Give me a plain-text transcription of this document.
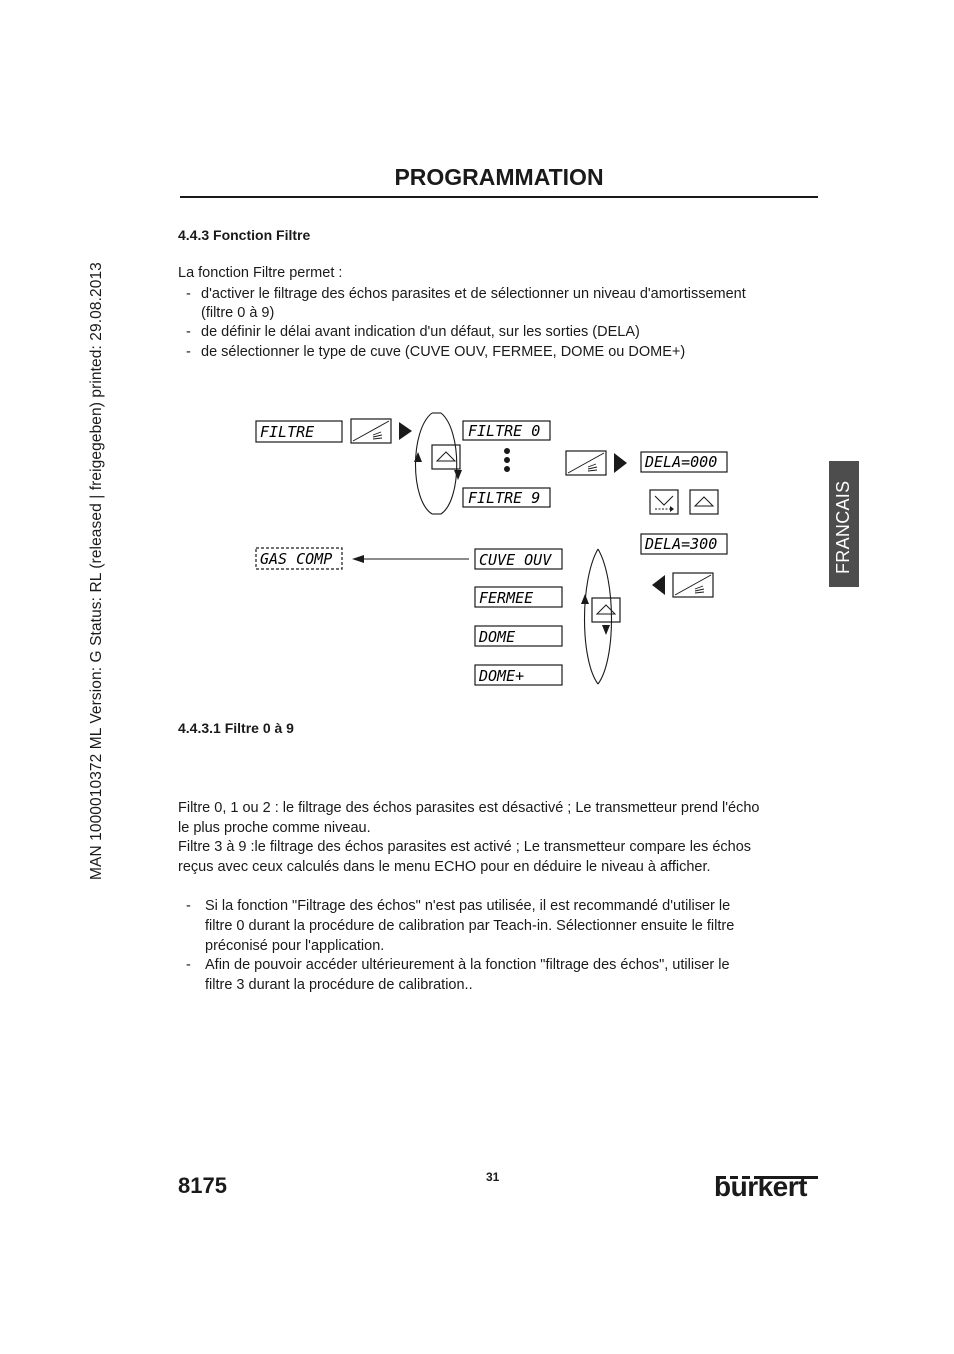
MAN 1000010372 ML Version: G Status: RL (released | freigegeben) printed: 29.08.2013
PROGRAMMATION
4.4.3 Fonction Filtre
La fonction Filtre permet :
- d'activer le filtrage des échos parasites et de sélectionner un niveau d'amortissement
(filtre 0 à 9)
- de définir le délai avant indication d'un défaut, sur les sorties (DELA)
- de sélectionner le type de cuve (CUVE OUV, FERMEE, DOME ou DOME+)
FRANCAIS
FILTRE	FILTRE 0
FILTRE 9
DELA=000
DELA=300
GAS COMP	CUVE OUV
FERMEE
DOME
DOME+
4.4.3.1 Filtre 0 à 9
Filtre 0, 1 ou 2 : le filtrage des échos parasites est désactivé ; Le transmetteur prend l'écho
le plus proche comme niveau.
Filtre 3 à 9 :le filtrage des échos parasites est activé ; Le transmetteur compare les échos
reçus avec ceux calculés dans le menu ECHO pour en déduire le niveau à afficher.
- Si la fonction "Filtrage des échos" n'est pas utilisée, il est recommandé d'utiliser le
filtre 0 durant la procédure de calibration par Teach-in. Sélectionner ensuite le filtre
préconisé pour l'application.
- Afin de pouvoir accéder ultérieurement à la fonction "filtrage des échos", utiliser le
filtre 3 durant la procédure de calibration..
8175	31	burkert
